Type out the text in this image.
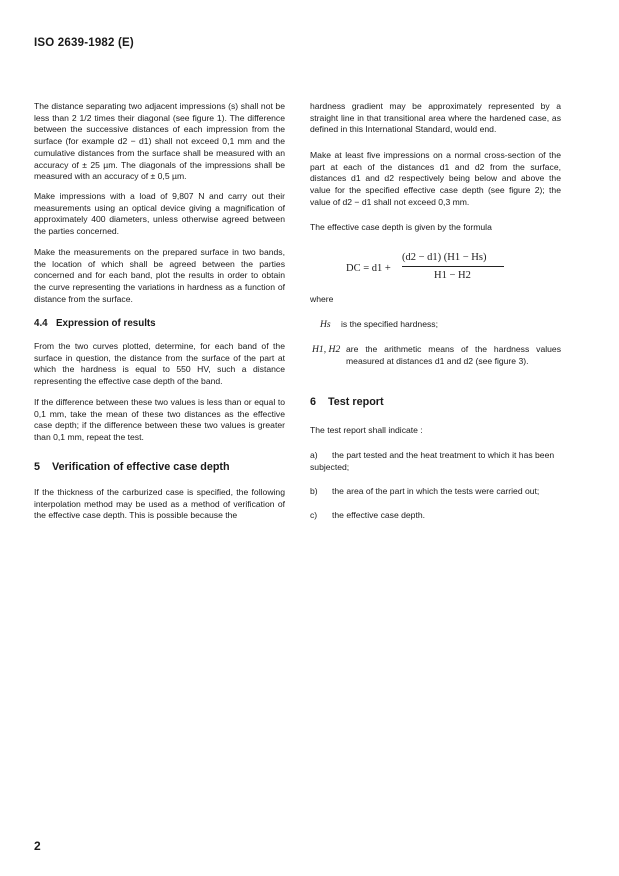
ISO 2639-1982 (E)

The distance separating two adjacent impressions (s) shall not be less than 2 1/2 times their diagonal (see figure 1). The difference between the successive distances of each impression from the surface (for example d2 − d1) shall not exceed 0,1 mm and the cumulative distances from the surface shall be measured with an accuracy of ± 25 µm. The diagonals of the impressions shall be measured with an accuracy of ± 0,5 µm.

Make impressions with a load of 9,807 N and carry out their measurements using an optical device giving a magnification of approximately 400 diameters, unless otherwise agreed between the parties concerned.

Make the measurements on the prepared surface in two bands, the location of which shall be agreed between the parties concerned and for each band, plot the results in order to obtain the curve representing the variations in hardness as a function of distance from the surface.

4.4 Expression of results

From the two curves plotted, determine, for each band of the surface in question, the distance from the surface of the part at which the hardness is equal to 550 HV, such a distance representing the effective case depth of the band.

If the difference between these two values is less than or equal to 0,1 mm, take the mean of these two distances as the effective case depth; if the difference between these two values is greater than 0,1 mm, repeat the test.

5 Verification of effective case depth

If the thickness of the carburized case is specified, the following interpolation method may be used as a method of verification of the effective case depth. This is possible because the

hardness gradient may be approximately represented by a straight line in that transitional area where the hardened case, as defined in this International Standard, would end.

Make at least five impressions on a normal cross-section of the part at each of the distances d1 and d2 from the surface, distances d1 and d2 respectively being below and above the value for the specified effective case depth (see figure 2); the value of d2 − d1 shall not exceed 0,3 mm.

The effective case depth is given by the formula

DC = d1 +
(d2 − d1) (H1 − Hs)
H1 − H2
where
Hs is the specified hardness;
H1, H2 are the arithmetic means of the hardness values measured at distances d1 and d2 (see figure 3).
6 Test report

The test report shall indicate :

a) the part tested and the heat treatment to which it has been subjected;
b) the area of the part in which the tests were carried out;
c) the effective case depth.
2
